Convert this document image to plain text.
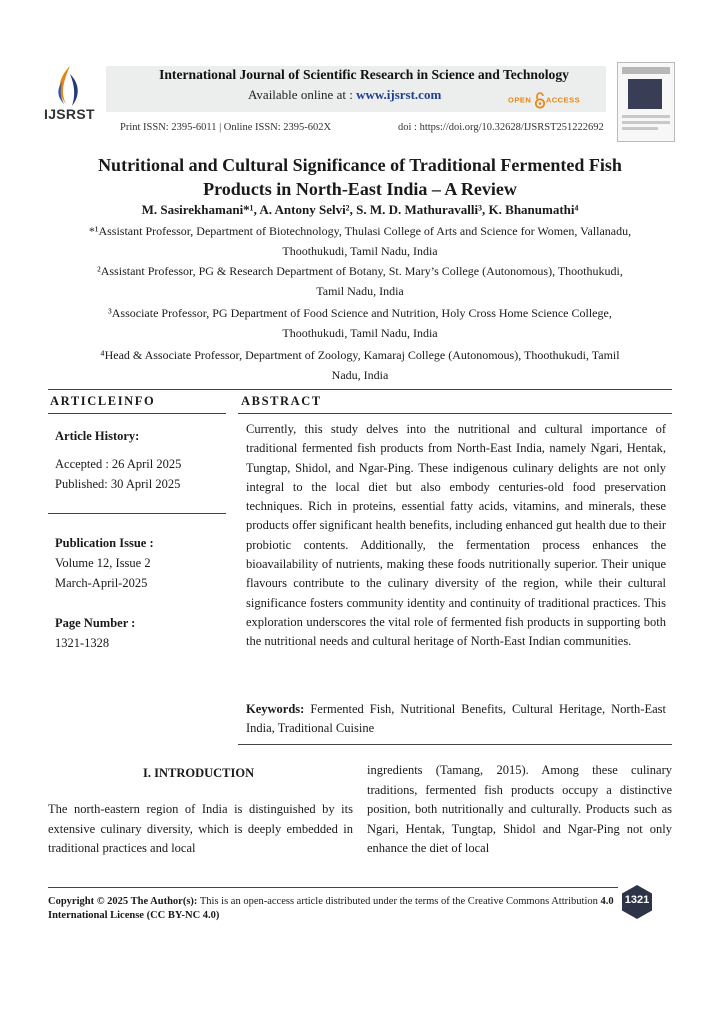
IJSRST
International Journal of Scientific Research in Science and Technology
Available online at : www.ijsrst.com	OPEN ACCESS
Print ISSN: 2395-6011 | Online ISSN: 2395-602X	doi : https://doi.org/10.32628/IJSRST251222692
Nutritional and Cultural Significance of Traditional Fermented Fish
Products in North-East India – A Review
M. Sasirekhamani*¹, A. Antony Selvi², S. M. D. Mathuravalli³, K. Bhanumathi⁴
*¹Assistant Professor, Department of Biotechnology, Thulasi College of Arts and Science for Women, Vallanadu,
Thoothukudi, Tamil Nadu, India
²Assistant Professor, PG & Research Department of Botany, St. Mary’s College (Autonomous), Thoothukudi,
Tamil Nadu, India
³Associate Professor, PG Department of Food Science and Nutrition, Holy Cross Home Science College,
Thoothukudi, Tamil Nadu, India
⁴Head & Associate Professor, Department of Zoology, Kamaraj College (Autonomous), Thoothukudi, Tamil
Nadu, India
ARTICLEINFO	ABSTRACT
Article History:
Accepted : 26 April 2025
Published: 30 April 2025
Publication Issue :
Volume 12, Issue 2
March-April-2025
Page Number :
1321-1328
Currently, this study delves into the nutritional and cultural importance of traditional fermented fish products from North-East India, namely Ngari, Hentak, Tungtap, Shidol, and Ngar-Ping. These indigenous culinary delights are not only integral to the local diet but also embody centuries-old food preservation techniques. Rich in proteins, essential fatty acids, vitamins, and minerals, these products offer significant health benefits, including enhanced gut health due to their probiotic contents. Additionally, the fermentation process enhances the bioavailability of nutrients, making these foods nutritionally superior. Their unique flavours contribute to the culinary diversity of the region, while their cultural significance fosters community identity and continuity of traditional practices. This exploration underscores the vital role of fermented fish products in supporting both the nutritional needs and cultural heritage of North-East Indian communities.
Keywords: Fermented Fish, Nutritional Benefits, Cultural Heritage, North-East India, Traditional Cuisine
I. INTRODUCTION
The north-eastern region of India is distinguished by its extensive culinary diversity, which is deeply embedded in traditional practices and local
ingredients (Tamang, 2015). Among these culinary traditions, fermented fish products occupy a distinctive position, both nutritionally and culturally. Products such as Ngari, Hentak, Tungtap, Shidol and Ngar-Ping not only enhance the diet of local
Copyright © 2025 The Author(s): This is an open-access article distributed under the terms of the Creative Commons Attribution 4.0 International License (CC BY-NC 4.0)
1321
